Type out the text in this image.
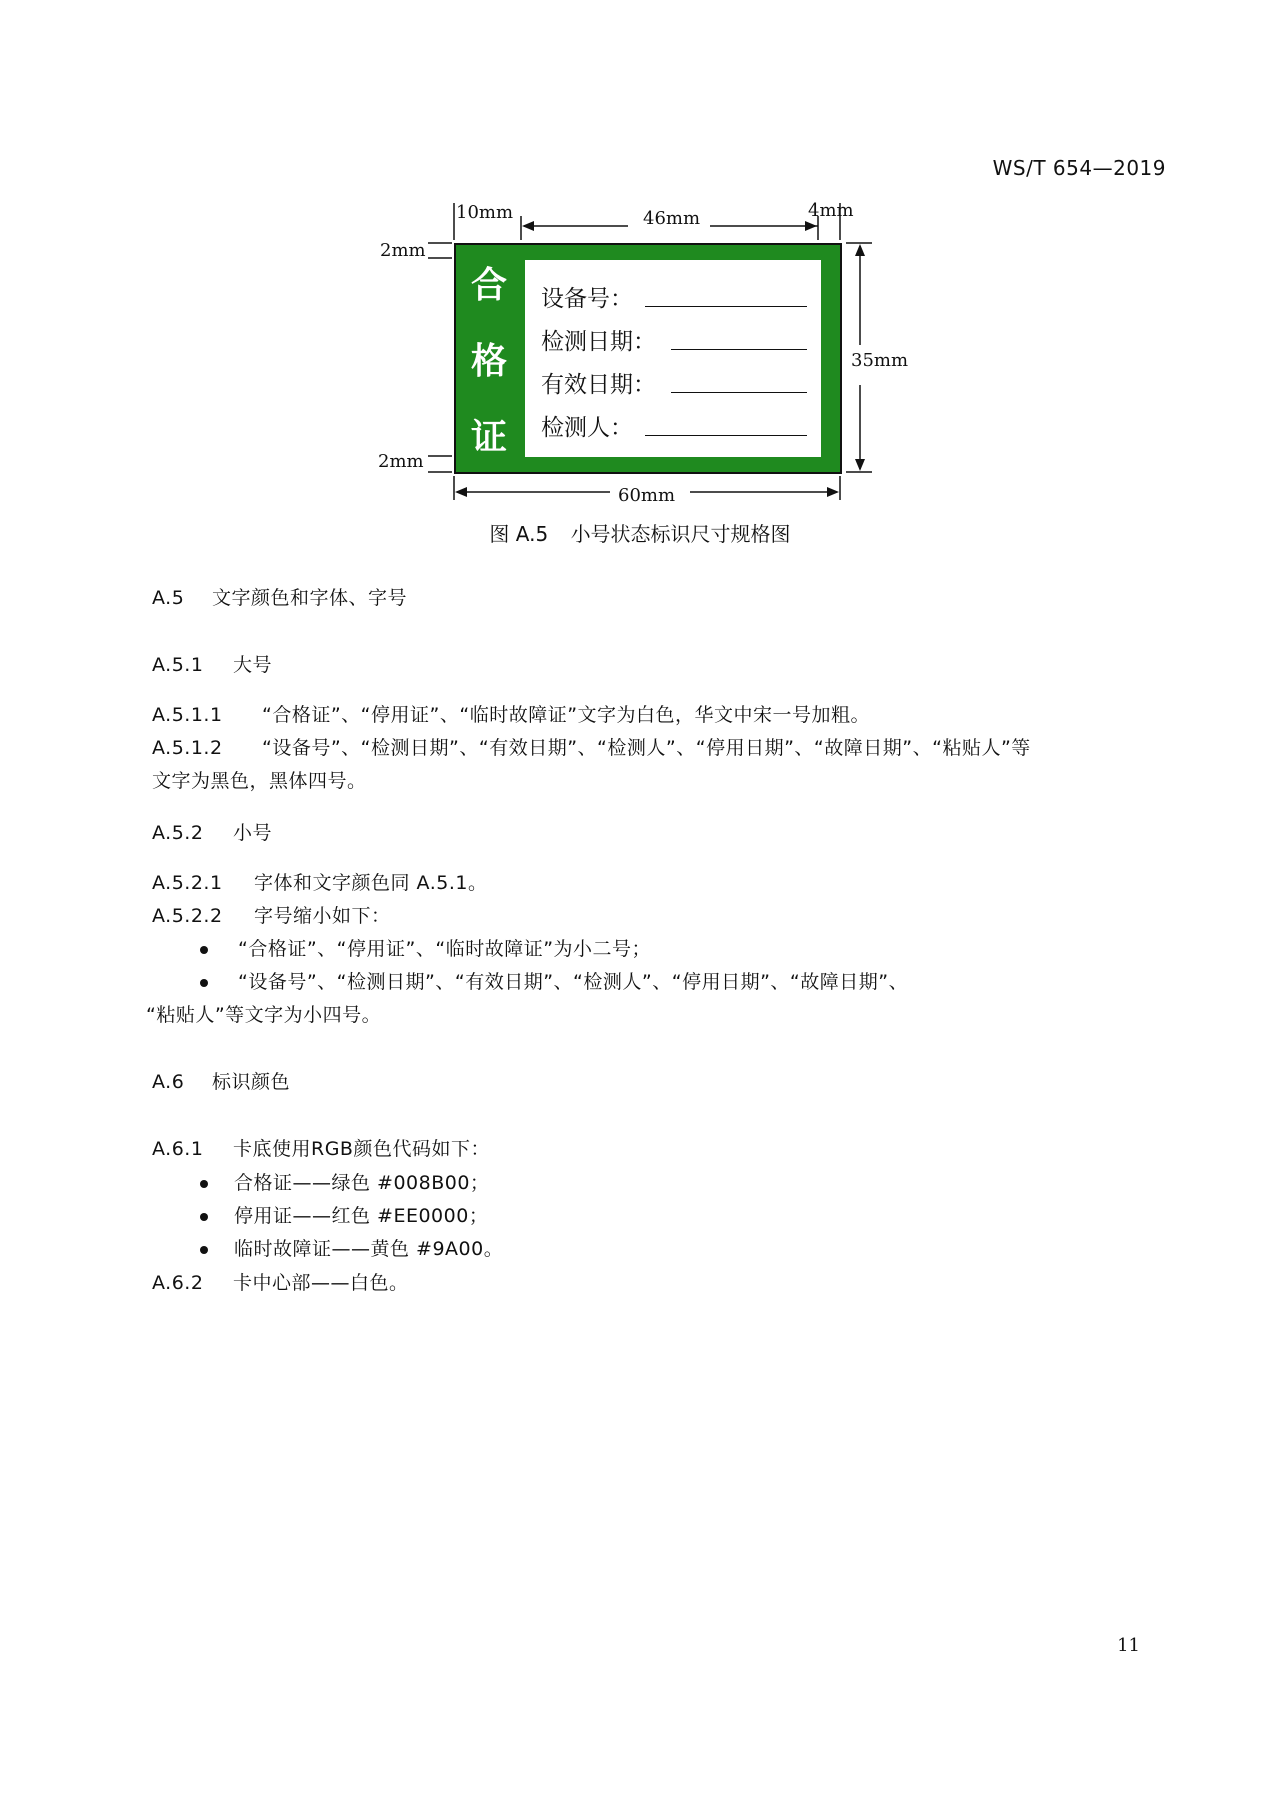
WS/T 654—2019
10mm	46mm	4mm
2mm
2mm
35mm
60mm
合
格
证
设备号：
检测日期：
有效日期：
检测人：
图 A.5 小号状态标识尺寸规格图
A.5 文字颜色和字体、字号
A.5.1 大号
A.5.1.1 “合格证”、“停用证”、“临时故障证”文字为白色，华文中宋一号加粗。
A.5.1.2 “设备号”、“检测日期”、“有效日期”、“检测人”、“停用日期”、“故障日期”、“粘贴人”等
文字为黑色，黑体四号。
A.5.2 小号
A.5.2.1 字体和文字颜色同 A.5.1。
A.5.2.2 字号缩小如下：
“合格证”、“停用证”、“临时故障证”为小二号；
“设备号”、“检测日期”、“有效日期”、“检测人”、“停用日期”、“故障日期”、
“粘贴人”等文字为小四号。
A.6 标识颜色
A.6.1 卡底使用RGB颜色代码如下：
合格证——绿色 #008B00；
停用证——红色 #EE0000；
临时故障证——黄色 #9A00。
A.6.2 卡中心部——白色。
11
